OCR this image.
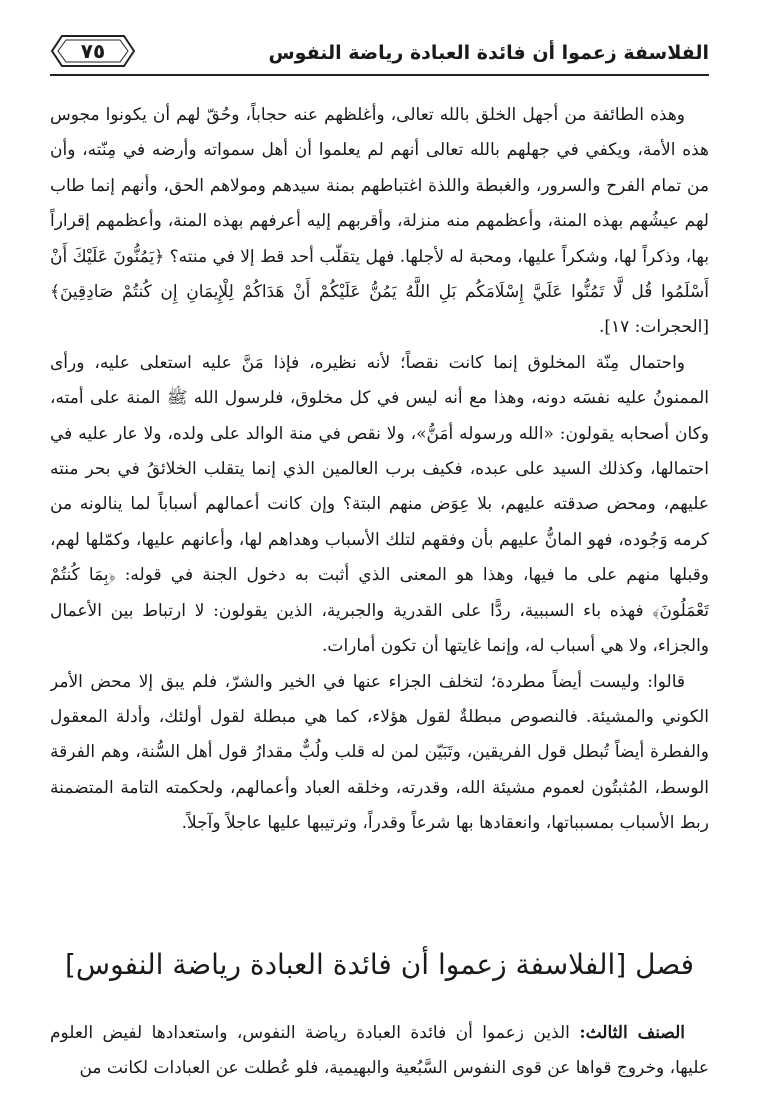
الفلاسفة زعموا أن فائدة العبادة رياضة النفوس
٧٥

وهذه الطائفة من أجهل الخلق بالله تعالى، وأغلظهم عنه حجاباً، وحُقّ لهم أن يكونوا مجوس هذه الأمة، ويكفي في جهلهم بالله تعالى أنهم لم يعلموا أن أهل سمواته وأرضه في مِنّته، وأن من تمام الفرح والسرور، والغبطة واللذة اغتباطهم بمنة سيدهم ومولاهم الحق، وأنهم إنما طاب لهم عيشُهم بهذه المنة، وأعظمهم منه منزلة، وأقربهم إليه أعرفهم بهذه المنة، وأعظمهم إقراراً بها، وذكراً لها، وشكراً عليها، ومحبة له لأجلها. فهل يتقلّب أحد قط إلا في منته؟ ﴿يَمُنُّونَ عَلَيْكَ أَنْ أَسْلَمُوا قُل لَّا تَمُنُّوا عَلَيَّ إِسْلَامَكُم بَلِ اللَّهُ يَمُنُّ عَلَيْكُمْ أَنْ هَدَاكُمْ لِلْإِيمَانِ إِن كُنتُمْ صَادِقِينَ﴾ [الحجرات: ١٧].

واحتمال مِنّة المخلوق إنما كانت نقصاً؛ لأنه نظيره، فإذا مَنَّ عليه استعلى عليه، ورأى الممنونُ عليه نفسَه دونه، وهذا مع أنه ليس في كل مخلوق، فلرسول الله ﷺ المنة على أمته، وكان أصحابه يقولون: «الله ورسوله أمَنُّ»، ولا نقص في منة الوالد على ولده، ولا عار عليه في احتمالها، وكذلك السيد على عبده، فكيف برب العالمين الذي إنما يتقلب الخلائقُ في بحر منته عليهم، ومحض صدقته عليهم، بلا عِوَض منهم البتة؟ وإن كانت أعمالهم أسباباً لما ينالونه من كرمه وَجُوده، فهو المانُّ عليهم بأن وفقهم لتلك الأسباب وهداهم لها، وأعانهم عليها، وكمّلها لهم، وقبلها منهم على ما فيها، وهذا هو المعنى الذي أثبت به دخول الجنة في قوله: ﴿بِمَا كُنتُمْ تَعْمَلُونَ﴾ فهذه باء السببية، ردًّا على القدرية والجبرية، الذين يقولون: لا ارتباط بين الأعمال والجزاء، ولا هي أسباب له، وإنما غايتها أن تكون أمارات.

قالوا: وليست أيضاً مطردة؛ لتخلف الجزاء عنها في الخير والشرّ، فلم يبق إلا محض الأمر الكوني والمشيئة. فالنصوص مبطلةٌ لقول هؤلاء، كما هي مبطلة لقول أولئك، وأدلة المعقول والفطرة أيضاً تُبطل قول الفريقين، وتَبَيّن لمن له قلب ولُبٌّ مقدارُ قول أهل السُّنة، وهم الفرقة الوسط، المُثبتُون لعموم مشيئة الله، وقدرته، وخلقه العباد وأعمالهم، ولحكمته التامة المتضمنة ربط الأسباب بمسبباتها، وانعقادها بها شرعاً وقدراً، وترتيبها عليها عاجلاً وآجلاً.

فصل [الفلاسفة زعموا أن فائدة العبادة رياضة النفوس]

الصنف الثالث: الذين زعموا أن فائدة العبادة رياضة النفوس، واستعدادها لفيض العلوم عليها، وخروج قواها عن قوى النفوس السَّبُعية والبهيمية، فلو عُطلت عن العبادات لكانت من
